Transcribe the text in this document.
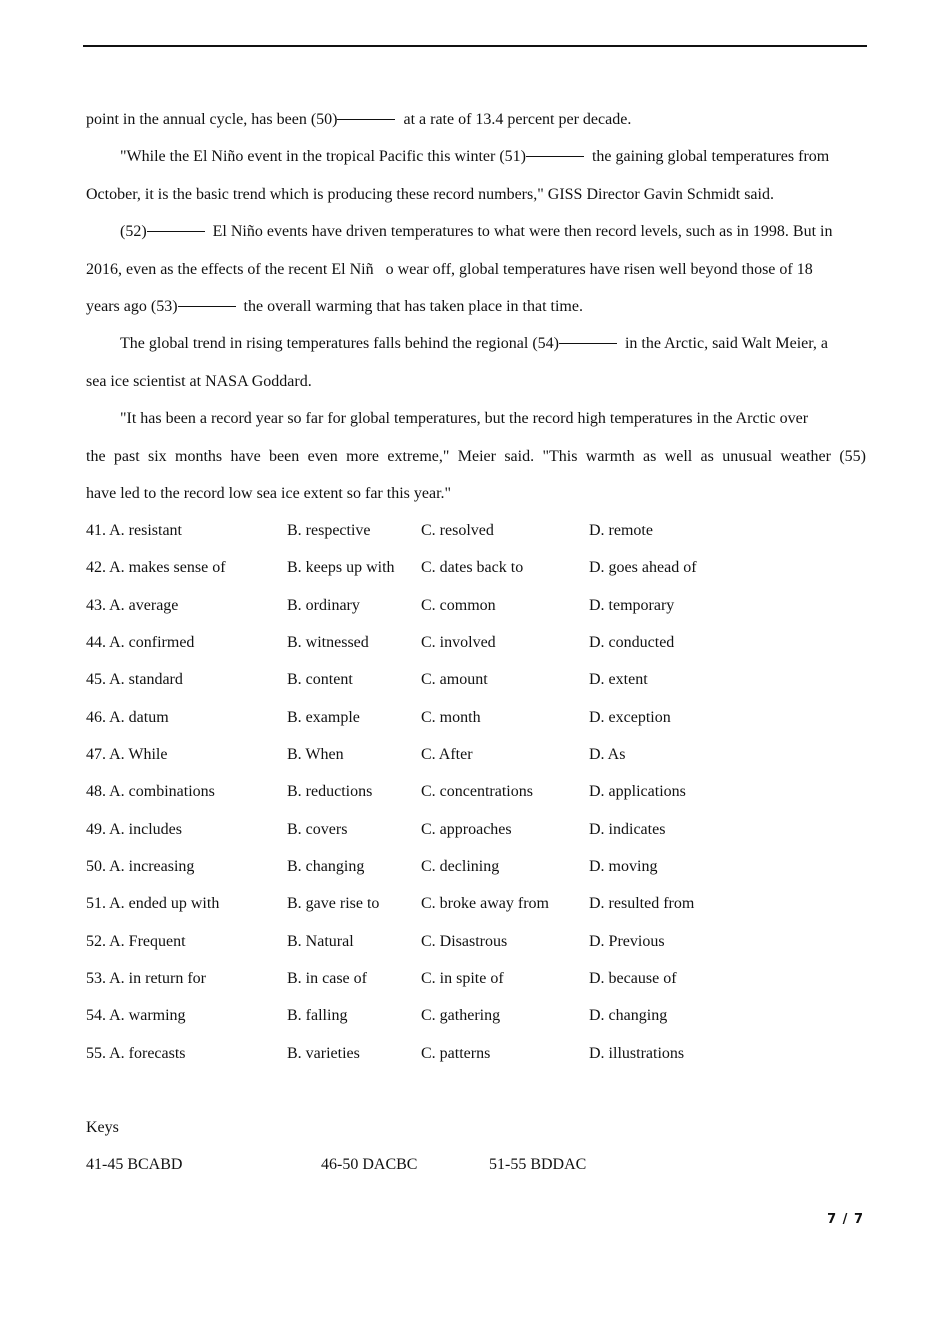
point in the annual cycle, has been (50)	at a rate of 13.4 percent per decade.
"While the El Niño event in the tropical Pacific this winter (51)	the gaining global temperatures from
October, it is the basic trend which is producing these record numbers," GISS Director Gavin Schmidt said.
(52)	El Niño events have driven temperatures to what were then record levels, such as in 1998. But in
2016, even as the effects of the recent El Niñ   o wear off, global temperatures have risen well beyond those of 18
years ago (53)	the overall warming that has taken place in that time.
The global trend in rising temperatures falls behind the regional (54)	in the Arctic, said Walt Meier, a
sea ice scientist at NASA Goddard.
"It has been a record year so far for global temperatures, but the record high temperatures in the Arctic over
the past six months have been even more extreme," Meier said. "This warmth as well as unusual weather (55)
have led to the record low sea ice extent so far this year."
41. A. resistant	B. respective	C. resolved	D. remote
42. A. makes sense of	B. keeps up with C. dates back to	D. goes ahead of
43. A. average	B. ordinary	C. common	D. temporary
44. A. confirmed	B. witnessed	C. involved	D. conducted
45. A. standard	B. content	C. amount	D. extent
46. A. datum	B. example	C. month	D. exception
47. A. While	B. When	C. After	D. As
48. A. combinations	B. reductions	C. concentrations	D. applications
49. A. includes	B. covers	C. approaches	D. indicates
50. A. increasing	B. changing	C. declining	D. moving
51. A. ended up with	B. gave rise to	C. broke away from	D. resulted from
52. A. Frequent	B. Natural	C. Disastrous	D. Previous
53. A. in return for	B. in case of	C. in spite of	D. because of
54. A. warming	B. falling	C. gathering	D. changing
55. A. forecasts	B. varieties	C. patterns	D. illustrations
Keys
41-45 BCABD	46-50 DACBC	51-55 BDDAC
7 / 7
